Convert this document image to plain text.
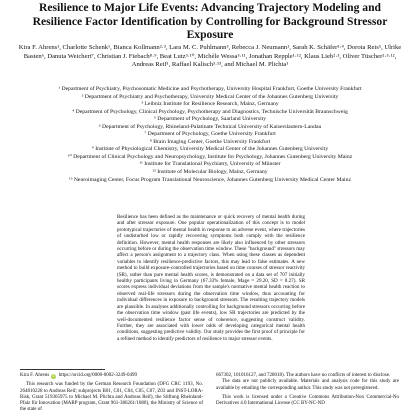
Resilience to Major Life Events: Advancing Trajectory Modeling and Resilience Factor Identification by Controlling for Background Stressor Exposure

Kira F. Ahrens¹, Charlotte Schenk¹, Bianca Kollmann²·³, Lara M. C. Puhlmann³, Rebecca J. Neumann¹, Sarah K. Schäfer³·⁴, Dorota Reis⁵, Ulrike Basten⁶, Danuta Weichert⁷, Christian J. Fiebach⁸·⁹, Beat Lutz³·¹⁰, Michèle Wessa³·¹¹, Jonathan Repple¹·¹², Klaus Lieb²·³, Oliver Tüscher²·³·¹², Andreas Reif¹, Raffael Kalisch³·¹³, and Michael M. Plichta¹

¹ Department of Psychiatry, Psychosomatic Medicine and Psychotherapy, University Hospital Frankfurt, Goethe University Frankfurt
² Department of Psychiatry and Psychotherapy, University Medical Center of the Johannes Gutenberg University
³ Leibniz Institute for Resilience Research, Mainz, Germany
⁴ Department of Psychology, Clinical Psychology, Psychotherapy and Diagnostics, Technische Universität Braunschweig
⁵ Department of Psychology, Saarland University
⁶ Department of Psychology, Rhineland-Palatinate Technical University of Kaiserslautern-Landau
⁷ Department of Psychology, Goethe University Frankfurt
⁸ Brain Imaging Center, Goethe University Frankfurt
⁹ Institute of Physiological Chemistry, University Medical Center of the Johannes Gutenberg University
¹⁰ Department of Clinical Psychology and Neuropsychology, Institute for Psychology, Johannes Gutenberg University Mainz
¹¹ Institute for Translational Psychiatry, University of Münster
¹² Institute of Molecular Biology, Mainz, Germany
¹³ Neuroimaging Center, Focus Program Translational Neuroscience, Johannes Gutenberg University Medical Center Mainz

Resilience has been defined as the maintenance or quick recovery of mental health during and after stressor exposure. One popular operationalization of this concept is to model prototypical trajectories of mental health in response to an adverse event, where trajectories of undisturbed low or rapidly recovering symptoms both comply with the resilience definition. However, mental health responses are likely also influenced by other stressors occurring before or during the observation time window. These "background" stressors may affect a person's assignment to a trajectory class. When using these classes as dependent variables to identify resilience-predictive factors, this may lead to false estimates. A new method to build exposure-controlled trajectories based on time courses of stressor reactivity (SR), rather than pure mental health scores, is demonstrated on a data set of 707 initially healthy participants living in Germany (67.33% female, Mage = 29.20, SD = 8.27). SR scores express individual deviations from the sample's normative mental health reaction to observed real-life stressors during the observation time window, thus accounting for individual differences in exposure to background stressors. The resulting trajectory models are plausible. In analyses additionally controlling for background stressors occurring before the observation time window (past life events), low SR trajectories are predicted by the well-documented resilience factor sense of coherence, suggesting construct validity. Further, they are associated with lower odds of developing categorical mental health conditions, suggesting predictive validity. Our study provides the first proof of principle for a refined method to identify predictors of resilience to major stressor events.

Kira F. Ahrens iD https://orcid.org/0000-0002-3249-0499

This research was funded by the German Research Foundation (DFG CRC 1193, No. 264810228 to Andreas Reif; subprojects B01, C01, C04, C05, C07, Z03 and INST-LORA-Risk, Grant 519365975 to Michael M. Plichta and Andreas Reif), the Stiftung Rheinland-Pfalz für Innovation (MARP program, Grant 961-386261/1080), the Ministry of Science of the state of

667302, 101016127, and 728018). The authors have no conflicts of interest to disclose.

The data are not publicly available. Materials and analysis code for this study are available by emailing the corresponding author. This study was not preregistered.

This work is licensed under a Creative Commons Attribution-Non Commercial-No Derivatives 4.0 International License (CC BY-NC-ND
